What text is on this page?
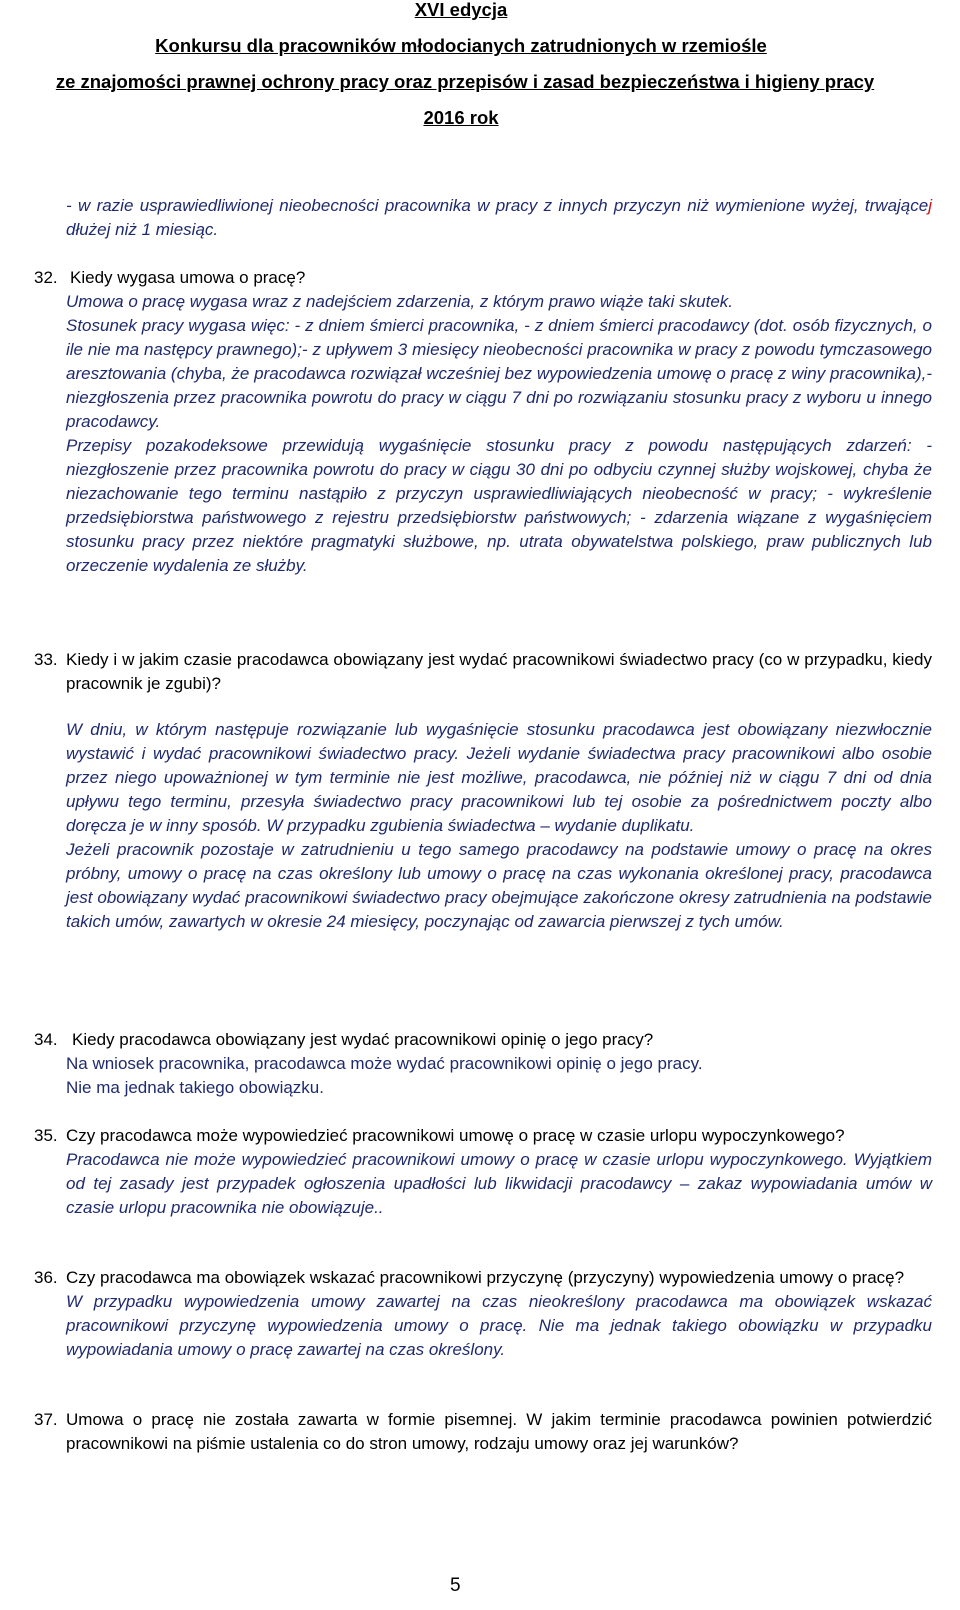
XVI edycja
Konkursu dla pracowników młodocianych zatrudnionych w rzemiośle
ze znajomości prawnej ochrony pracy oraz przepisów i zasad bezpieczeństwa i higieny pracy
2016 rok
- w razie usprawiedliwionej nieobecności pracownika w pracy z innych przyczyn niż wymienione wyżej, trwającej dłużej niż 1 miesiąc.
32. Kiedy wygasa umowa o pracę?

Umowa o pracę wygasa wraz z nadejściem zdarzenia, z którym prawo wiąże taki skutek.

Stosunek pracy wygasa więc: - z dniem śmierci pracownika, - z dniem śmierci pracodawcy (dot. osób fizycznych, o ile nie ma następcy prawnego);- z upływem 3 miesięcy nieobecności pracownika w pracy z powodu tymczasowego aresztowania (chyba, że pracodawca rozwiązał wcześniej bez wypowiedzenia umowę o pracę z winy pracownika),- niezgłoszenia przez pracownika powrotu do pracy w ciągu 7 dni po rozwiązaniu stosunku pracy z wyboru u innego pracodawcy.

Przepisy pozakodeksowe przewidują wygaśnięcie stosunku pracy z powodu następujących zdarzeń: -niezgłoszenie przez pracownika powrotu do pracy w ciągu 30 dni po odbyciu czynnej służby wojskowej, chyba że niezachowanie tego terminu nastąpiło z przyczyn usprawiedliwiających nieobecność w pracy; - wykreślenie przedsiębiorstwa państwowego z rejestru przedsiębiorstw państwowych; - zdarzenia wiązane z wygaśnięciem stosunku pracy przez niektóre pragmatyki służbowe, np. utrata obywatelstwa polskiego, praw publicznych lub orzeczenie wydalenia ze służby.

33. Kiedy i w jakim czasie pracodawca obowiązany jest wydać pracownikowi świadectwo pracy (co w przypadku, kiedy pracownik je zgubi)?

W dniu, w którym następuje rozwiązanie lub wygaśnięcie stosunku pracodawca jest obowiązany niezwłocznie wystawić i wydać pracownikowi świadectwo pracy. Jeżeli wydanie świadectwa pracy pracownikowi albo osobie przez niego upoważnionej w tym terminie nie jest możliwe, pracodawca, nie później niż w ciągu 7 dni od dnia upływu tego terminu, przesyła świadectwo pracy pracownikowi lub tej osobie za pośrednictwem poczty albo doręcza je w inny sposób. W przypadku zgubienia świadectwa – wydanie duplikatu.

Jeżeli pracownik pozostaje w zatrudnieniu u tego samego pracodawcy na podstawie umowy o pracę na okres próbny, umowy o pracę na czas określony lub umowy o pracę na czas wykonania określonej pracy, pracodawca jest obowiązany wydać pracownikowi świadectwo pracy obejmujące zakończone okresy zatrudnienia na podstawie takich umów, zawartych w okresie 24 miesięcy, poczynając od zawarcia pierwszej z tych umów.

34. Kiedy pracodawca obowiązany jest wydać pracownikowi opinię o jego pracy?

Na wniosek pracownika, pracodawca może wydać pracownikowi opinię o jego pracy.

Nie ma jednak takiego obowiązku.

35. Czy pracodawca może wypowiedzieć pracownikowi umowę o pracę w czasie urlopu wypoczynkowego?

Pracodawca nie może wypowiedzieć pracownikowi umowy o pracę w czasie urlopu wypoczynkowego. Wyjątkiem od tej zasady jest przypadek ogłoszenia upadłości lub likwidacji pracodawcy – zakaz wypowiadania umów w czasie urlopu pracownika nie obowiązuje..

36. Czy pracodawca ma obowiązek wskazać pracownikowi przyczynę (przyczyny) wypowiedzenia umowy o pracę?

W przypadku wypowiedzenia umowy zawartej na czas nieokreślony pracodawca ma obowiązek wskazać pracownikowi przyczynę wypowiedzenia umowy o pracę. Nie ma jednak takiego obowiązku w przypadku wypowiadania umowy o pracę zawartej na czas określony.

37. Umowa o pracę nie została zawarta w formie pisemnej. W jakim terminie pracodawca powinien potwierdzić pracownikowi na piśmie ustalenia co do stron umowy, rodzaju umowy oraz jej warunków?

5
